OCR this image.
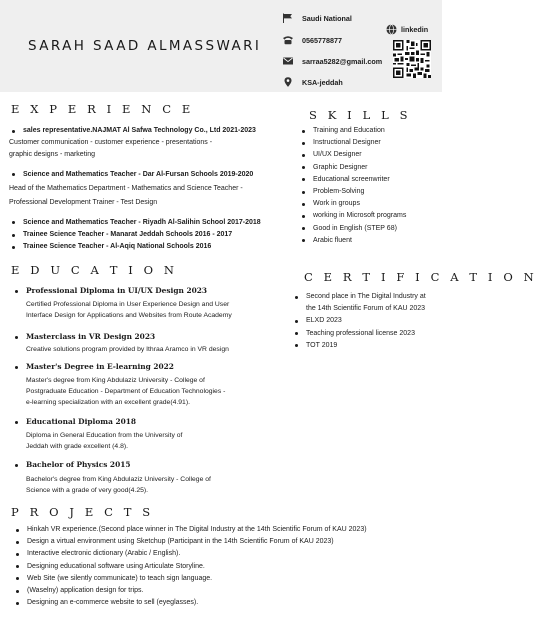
SARAH SAAD ALMASSWARI
Saudi National
0565778877
sarraa5282@gmail.com
KSA-jeddah
linkedin
E X P E R I E N C E
sales representative.NAJMAT Al Safwa Technology Co., Ltd 2021-2023
Customer communication - customer experience - presentations -
graphic designs - marketing
Science and Mathematics Teacher - Dar Al-Fursan Schools 2019-2020
Head of the Mathematics Department - Mathematics and Science Teacher -
Professional Development Trainer - Test Design
Science and Mathematics Teacher - Riyadh Al-Salihin School 2017-2018
Trainee Science Teacher - Manarat Jeddah Schools 2016 - 2017
Trainee Science Teacher - Al-Aqiq National Schools 2016
S K I L L S
Training and Education
Instructional Designer
UI/UX Designer
Graphic Designer
Educational screenwriter
Problem-Solving
Work in groups
working in Microsoft programs
Good in English (STEP 68)
Arabic fluent
E D U C A T I O N
Professional Diploma in UI/UX Design 2023
Certified Professional Diploma in User Experience Design and User
Interface Design for Applications and Websites from Route Academy
Masterclass in VR Design 2023
Creative solutions program provided by Ithraa Aramco in VR design
Master's Degree in E-learning 2022
Master's degree from King Abdulaziz University - College of
Postgraduate Education - Department of Education Technologies -
e-learning specialization with an excellent grade(4.91).
Educational Diploma 2018
Diploma in General Education from the University of
Jeddah with grade excellent (4.8).
Bachelor of Physics 2015
Bachelor's degree from King Abdulaziz University - College of
Science with a grade of very good(4.25).
C E R T I F I C A T I O N
Second place in The Digital Industry at
the 14th Scientific Forum of KAU 2023
ELXD 2023
Teaching professional license 2023
TOT 2019
P R O J E C T S
Hinkah VR experience.(Second place winner in The Digital Industry at the 14th Scientific Forum of KAU 2023)
Design a virtual environment using Sketchup (Participant in the 14th Scientific Forum of KAU 2023)
Interactive electronic dictionary (Arabic / English).
Designing educational software using Articulate Storyline.
Web Site (we silently communicate) to teach sign language.
(Waselny) application design for trips.
Designing an e-commerce website to sell (eyeglasses).
